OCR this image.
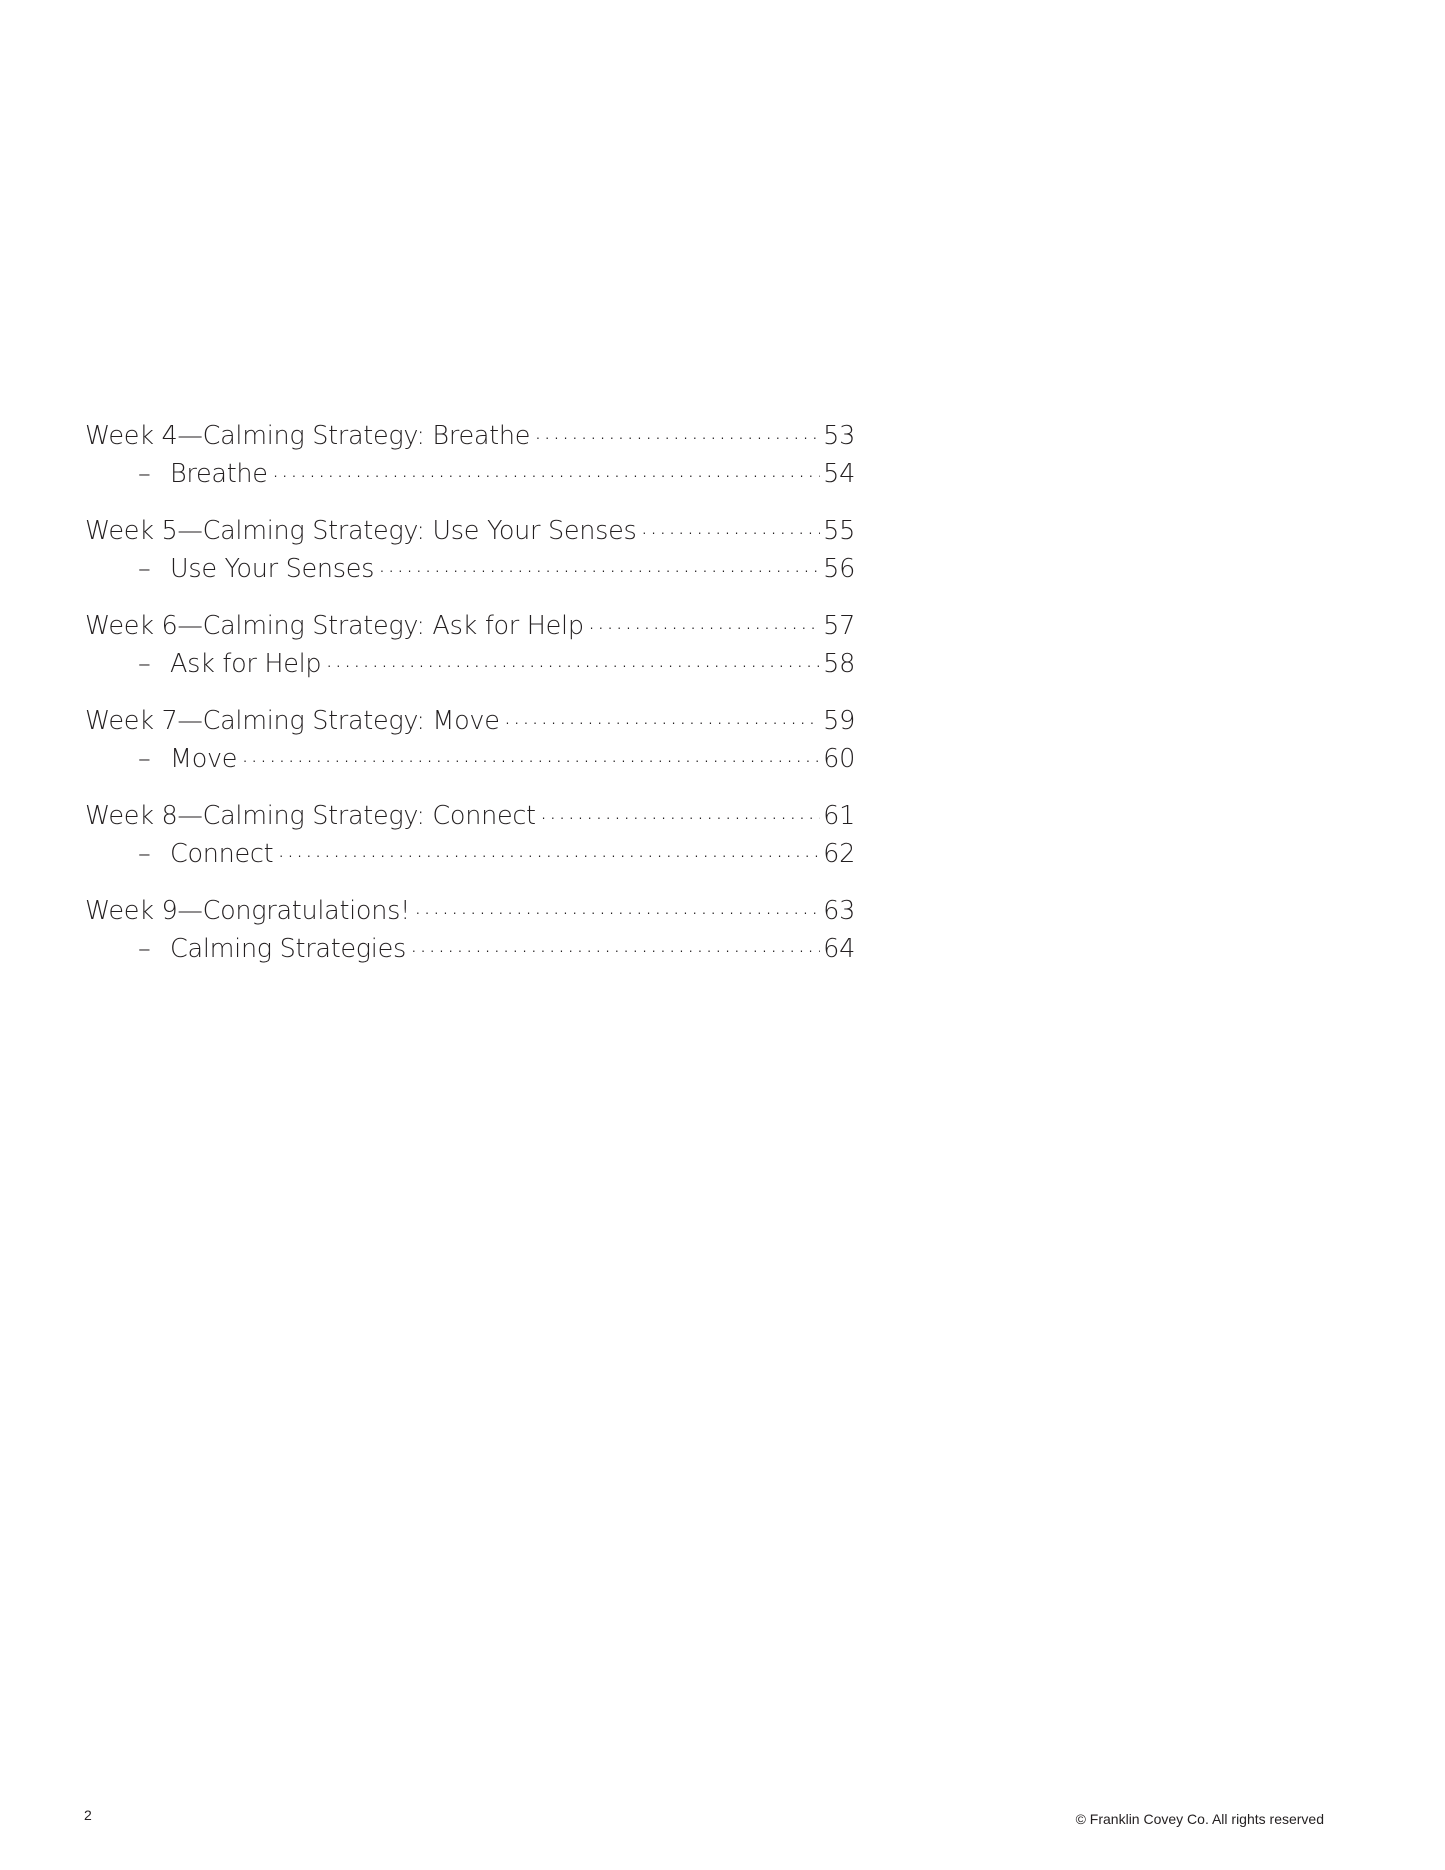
Week 4—Calming Strategy: Breathe .....	53
– Breathe .....	54
Week 5—Calming Strategy: Use Your Senses .....	55
– Use Your Senses .....	56
Week 6—Calming Strategy: Ask for Help .....	57
– Ask for Help .....	58
Week 7—Calming Strategy: Move .....	59
– Move .....	60
Week 8—Calming Strategy: Connect .....	61
– Connect .....	62
Week 9—Congratulations! .....	63
– Calming Strategies .....	64
2	© Franklin Covey Co. All rights reserved
